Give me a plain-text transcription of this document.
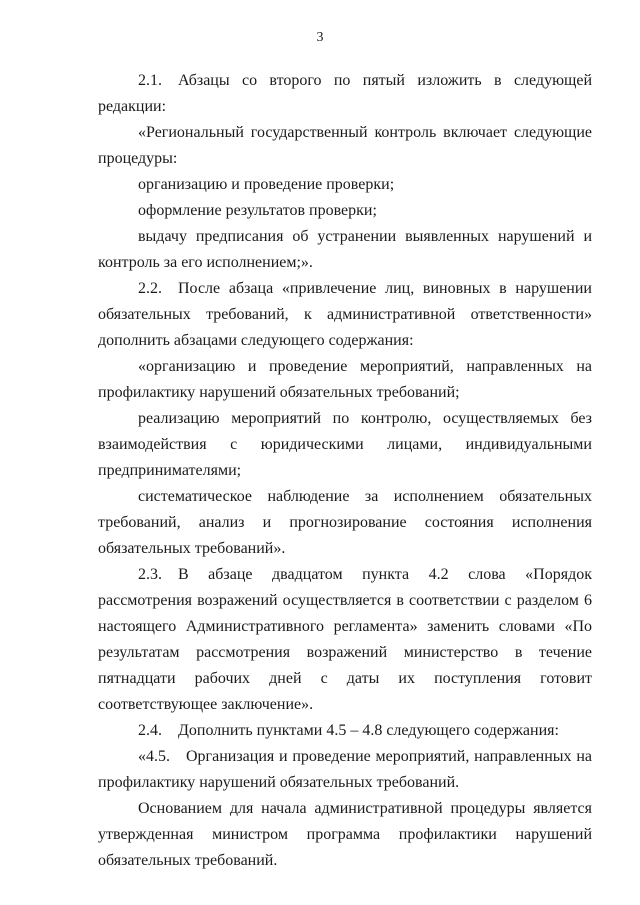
3

2.1. Абзацы со второго по пятый изложить в следующей редакции:

«Региональный государственный контроль включает следующие процедуры:

организацию и проведение проверки;

оформление результатов проверки;

выдачу предписания об устранении выявленных нарушений и контроль за его исполнением;».

2.2. После абзаца «привлечение лиц, виновных в нарушении обязательных требований, к административной ответственности» дополнить абзацами следующего содержания:

«организацию и проведение мероприятий, направленных на профилактику нарушений обязательных требований;

реализацию мероприятий по контролю, осуществляемых без взаимодействия с юридическими лицами, индивидуальными предпринимателями;

систематическое наблюдение за исполнением обязательных требований, анализ и прогнозирование состояния исполнения обязательных требований».

2.3. В абзаце двадцатом пункта 4.2 слова «Порядок рассмотрения возражений осуществляется в соответствии с разделом 6 настоящего Административного регламента» заменить словами «По результатам рассмотрения возражений министерство в течение пятнадцати рабочих дней с даты их поступления готовит соответствующее заключение».

2.4. Дополнить пунктами 4.5 – 4.8 следующего содержания:

«4.5. Организация и проведение мероприятий, направленных на профилактику нарушений обязательных требований.

Основанием для начала административной процедуры является утвержденная министром программа профилактики нарушений обязательных требований.
